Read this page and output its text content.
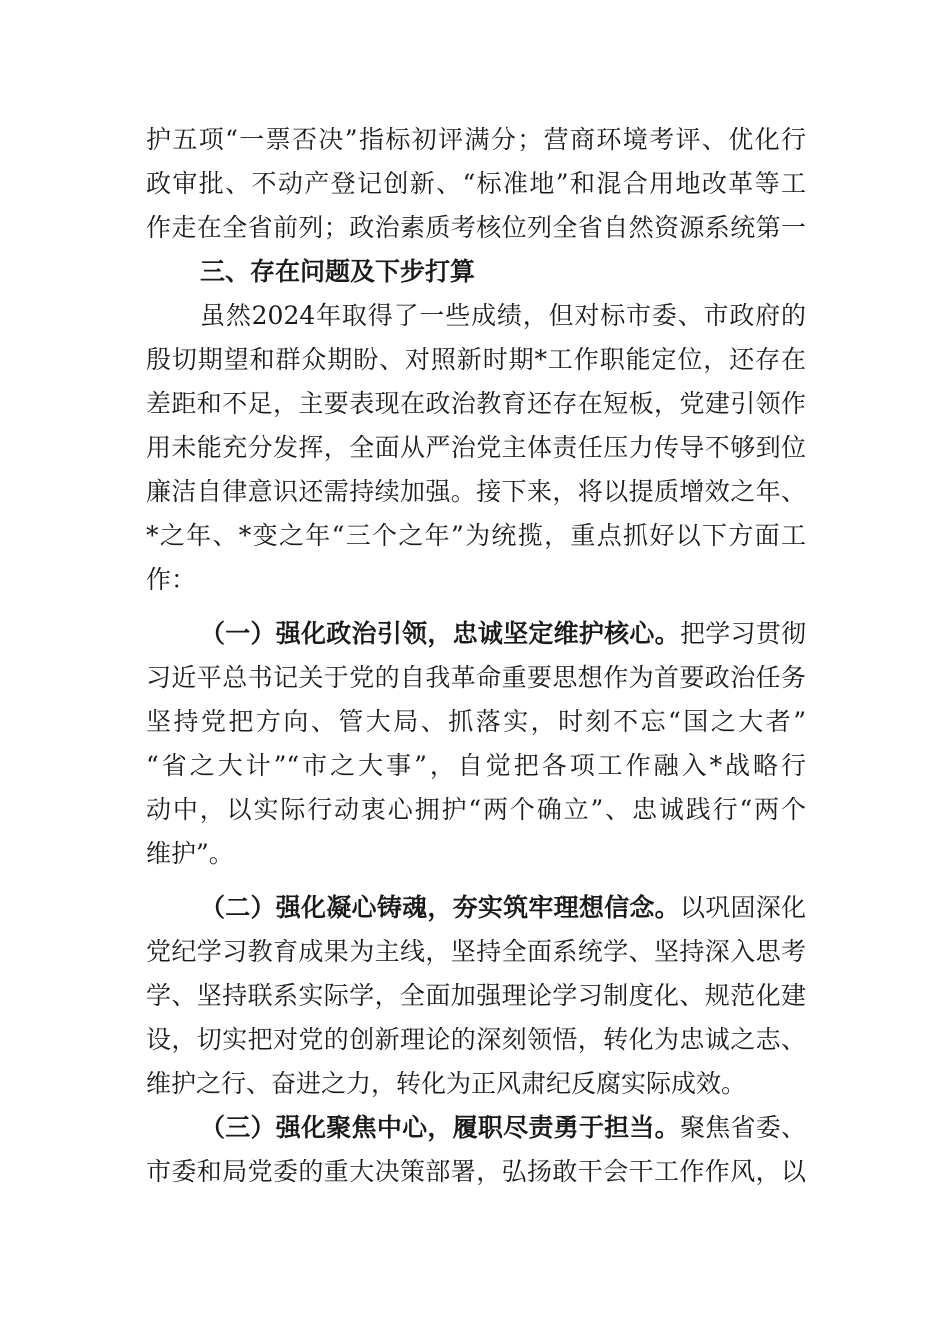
护五项“一票否决”指标初评满分；营商环境考评、优化行
政审批、不动产登记创新、“标准地”和混合用地改革等工
作走在全省前列；政治素质考核位列全省自然资源系统第一
三、存在问题及下步打算
虽然2024年取得了一些成绩，但对标市委、市政府的
殷切期望和群众期盼、对照新时期*工作职能定位，还存在
差距和不足，主要表现在政治教育还存在短板，党建引领作
用未能充分发挥，全面从严治党主体责任压力传导不够到位
廉洁自律意识还需持续加强。接下来，将以提质增效之年、
*之年、*变之年“三个之年”为统揽，重点抓好以下方面工
作：
（一）强化政治引领，忠诚坚定维护核心。把学习贯彻
习近平总书记关于党的自我革命重要思想作为首要政治任务
坚持党把方向、管大局、抓落实，时刻不忘“国之大者”
“省之大计”“市之大事”，自觉把各项工作融入*战略行
动中，以实际行动衷心拥护“两个确立”、忠诚践行“两个
维护”。
（二）强化凝心铸魂，夯实筑牢理想信念。以巩固深化
党纪学习教育成果为主线，坚持全面系统学、坚持深入思考
学、坚持联系实际学，全面加强理论学习制度化、规范化建
设，切实把对党的创新理论的深刻领悟，转化为忠诚之志、
维护之行、奋进之力，转化为正风肃纪反腐实际成效。
（三）强化聚焦中心，履职尽责勇于担当。聚焦省委、
市委和局党委的重大决策部署，弘扬敢干会干工作作风，以
